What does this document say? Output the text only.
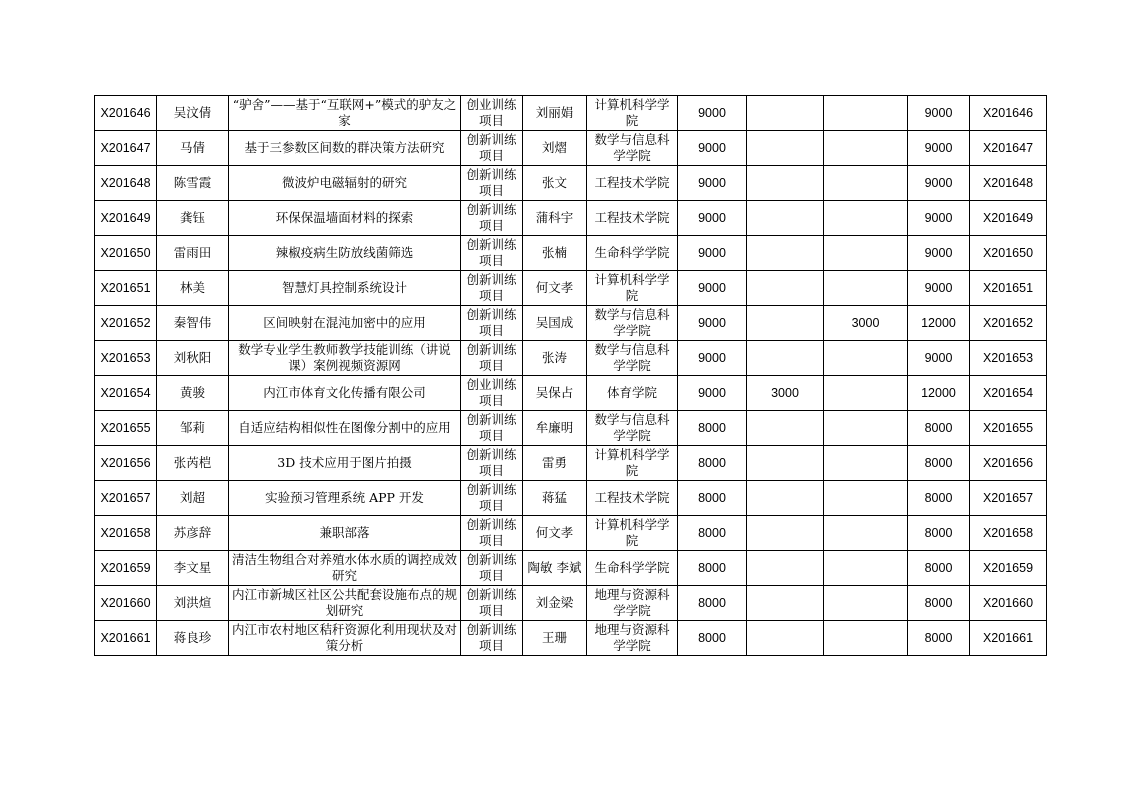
X201646	吴汶倩	“驴舍”——基于“互联网+”模式的驴友之家	创业训练项目	刘丽娟	计算机科学学院	9000			9000	X201646
X201647	马倩	基于三参数区间数的群决策方法研究	创新训练项目	刘熠	数学与信息科学学院	9000			9000	X201647
X201648	陈雪霞	微波炉电磁辐射的研究	创新训练项目	张文	工程技术学院	9000			9000	X201648
X201649	龚钰	环保保温墙面材料的探索	创新训练项目	蒲科宇	工程技术学院	9000			9000	X201649
X201650	雷雨田	辣椒疫病生防放线菌筛选	创新训练项目	张楠	生命科学学院	9000			9000	X201650
X201651	林美	智慧灯具控制系统设计	创新训练项目	何文孝	计算机科学学院	9000			9000	X201651
X201652	秦智伟	区间映射在混沌加密中的应用	创新训练项目	吴国成	数学与信息科学学院	9000		3000	12000	X201652
X201653	刘秋阳	数学专业学生教师教学技能训练（讲说课）案例视频资源网	创新训练项目	张涛	数学与信息科学学院	9000			9000	X201653
X201654	黄骏	内江市体育文化传播有限公司	创业训练项目	吴保占	体育学院	9000	3000		12000	X201654
X201655	邹莉	自适应结构相似性在图像分割中的应用	创新训练项目	牟廉明	数学与信息科学学院	8000			8000	X201655
X201656	张芮桤	3D 技术应用于图片拍摄	创新训练项目	雷勇	计算机科学学院	8000			8000	X201656
X201657	刘超	实验预习管理系统 APP 开发	创新训练项目	蒋猛	工程技术学院	8000			8000	X201657
X201658	苏彦辞	兼职部落	创新训练项目	何文孝	计算机科学学院	8000			8000	X201658
X201659	李文星	清洁生物组合对养殖水体水质的调控成效研究	创新训练项目	陶敏 李斌	生命科学学院	8000			8000	X201659
X201660	刘洪煊	内江市新城区社区公共配套设施布点的规划研究	创新训练项目	刘金梁	地理与资源科学学院	8000			8000	X201660
X201661	蒋良珍	内江市农村地区秸秆资源化利用现状及对策分析	创新训练项目	王珊	地理与资源科学学院	8000			8000	X201661
